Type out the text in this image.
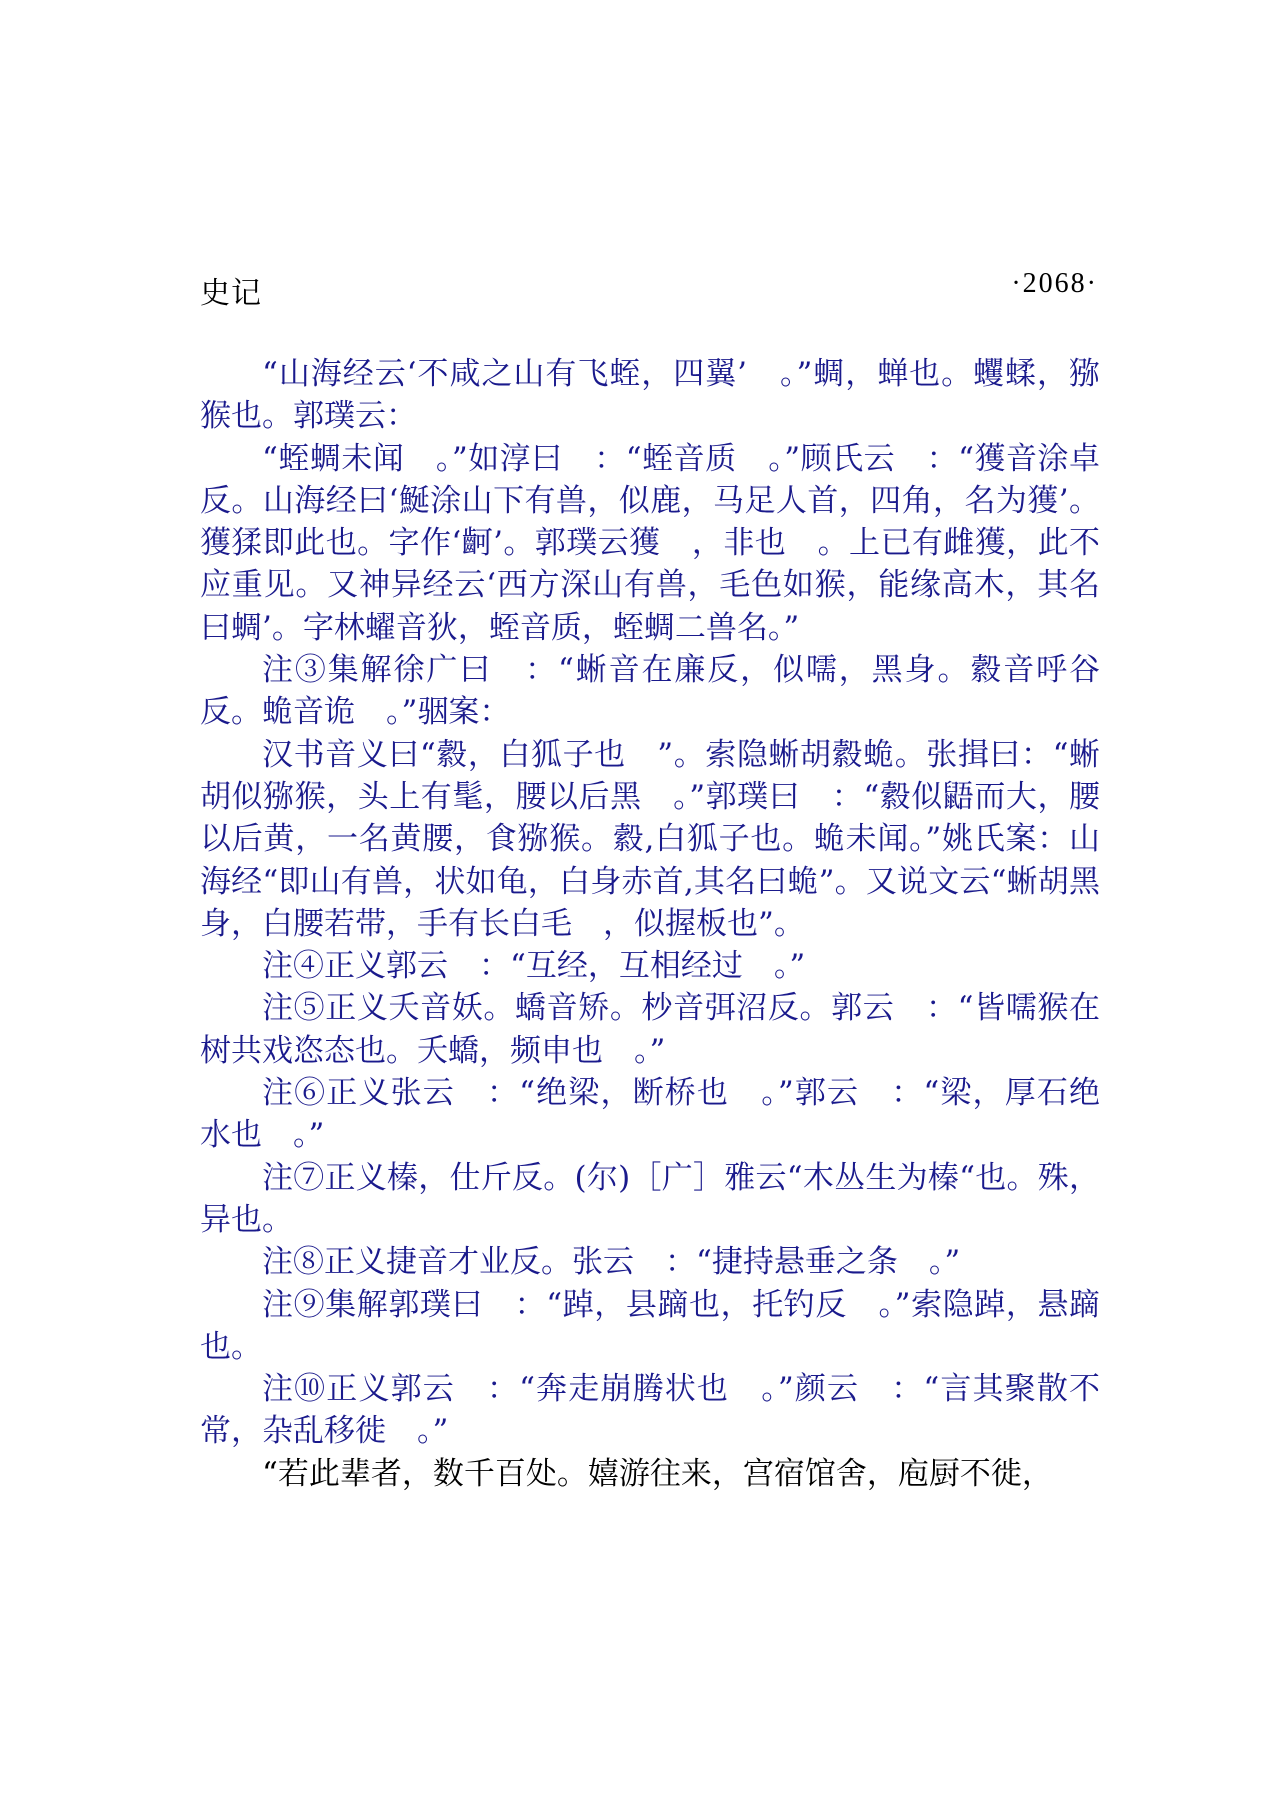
史记	·2068·

“山海经云‘不咸之山有飞蛭，四翼’　。”蜩，蝉也。蠼蝚，猕猴也。郭璞云：

“蛭蜩未闻　。”如淳曰　：“蛭音质　。”顾氏云　：“獲音涂卓反。山海经曰‘鯅涂山下有兽，似鹿，马足人首，四角，名为獲’。獲猱即此也。字作‘䶗’。郭璞云獲　，非也　。上已有雌獲，此不应重见。又神异经云‘西方深山有兽，毛色如猴，能缘高木，其名曰蜩’。字林蠗音狄，蛭音质，蛭蜩二兽名。”

注③集解徐广曰　：“蜥音在廉反，似嚅，黑身。縠音呼谷反。蛫音诡　。”骃案：

汉书音义曰“縠，白狐子也　”。索隐蜥胡縠蛫。张揖曰：“蜥胡似猕猴，头上有髦，腰以后黑　。”郭璞曰　：“縠似鼯而大，腰以后黄，一名黄腰，食猕猴。縠,白狐子也。蛫未闻。”姚氏案：山海经“即山有兽，状如龟，白身赤首,其名曰蛫”。又说文云“蜥胡黑身，白腰若带，手有长白毛　，似握板也”。

注④正义郭云　：“互经，互相经过　。”

注⑤正义夭音妖。蟜音矫。杪音弭沼反。郭云　：“皆嚅猴在树共戏恣态也。夭蟜，频申也　。”

注⑥正义张云　：“绝梁，断桥也　。”郭云　：“梁，厚石绝水也　。”

注⑦正义榛，仕斤反。(尔)［广］雅云“木丛生为榛“也。殊，异也。

注⑧正义捷音才业反。张云　：“捷持悬垂之条　。”

注⑨集解郭璞曰　：“踔，县蹢也，托钓反　。”索隐踔，悬蹢也。

注⑩正义郭云　：“奔走崩腾状也　。”颜云　：“言其聚散不常，杂乱移徙　。”

“若此辈者，数千百处。嬉游往来，宫宿馆舍，庖厨不徙，
